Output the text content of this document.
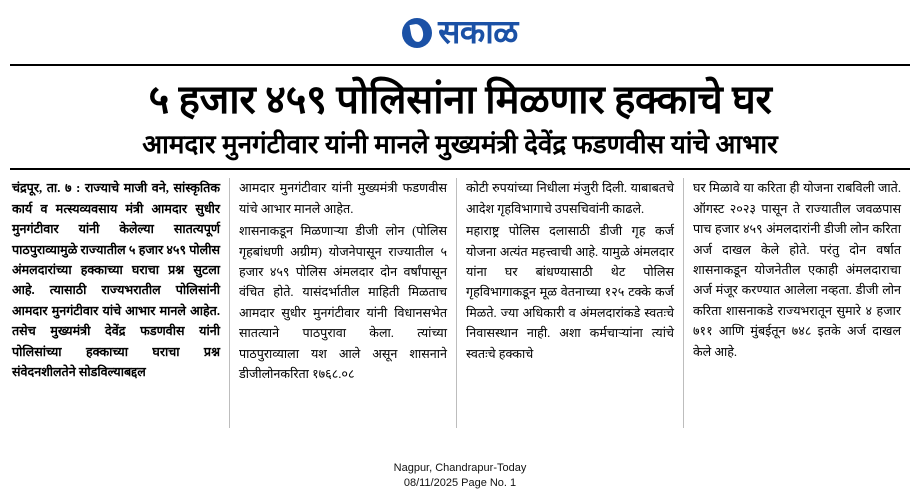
सकाळ
५ हजार ४५९ पोलिसांना मिळणार हक्काचे घर
आमदार मुनगंटीवार यांनी मानले मुख्यमंत्री देवेंद्र फडणवीस यांचे आभार

चंद्रपूर, ता. ७ : राज्याचे माजी वने, सांस्कृतिक कार्य व मत्स्यव्यवसाय मंत्री आमदार सुधीर मुनगंटीवार यांनी केलेल्या सातत्यपूर्ण पाठपुराव्यामुळे राज्यातील ५ हजार ४५९ पोलीस अंमलदारांच्या हक्काच्या घराचा प्रश्न सुटला आहे. त्यासाठी राज्यभरातील पोलिसांनी आमदार मुनगंटीवार यांचे आभार मानले आहेत. तसेच मुख्यमंत्री देवेंद्र फडणवीस यांनी पोलिसांच्या हक्काच्या घराचा प्रश्न संवेदनशीलतेने सोडविल्याबद्दल

आमदार मुनगंटीवार यांनी मुख्यमंत्री फडणवीस यांचे आभार मानले आहेत.

शासनाकडून मिळणाऱ्या डीजी लोन (पोलिस गृहबांधणी अग्रीम) योजनेपासून राज्यातील ५ हजार ४५९ पोलिस अंमलदार दोन वर्षांपासून वंचित होते. यासंदर्भातील माहिती मिळताच आमदार सुधीर मुनगंटीवार यांनी विधानसभेत सातत्याने पाठपुरावा केला. त्यांच्या पाठपुराव्याला यश आले असून शासनाने डीजीलोनकरिता १७६८.०८

कोटी रुपयांच्या निधीला मंजुरी दिली. याबाबतचे आदेश गृहविभागाचे उपसचिवांनी काढले.

महाराष्ट्र पोलिस दलासाठी डीजी गृह कर्ज योजना अत्यंत महत्त्वाची आहे. यामुळे अंमलदार यांना घर बांधण्यासाठी थेट पोलिस गृहविभागाकडून मूळ वेतनाच्या १२५ टक्के कर्ज मिळते. ज्या अधिकारी व अंमलदारांकडे स्वतःचे निवासस्थान नाही. अशा कर्मचाऱ्यांना त्यांचे स्वतःचे हक्काचे

घर मिळावे या करिता ही योजना राबविली जाते. ऑगस्ट २०२३ पासून ते राज्यातील जवळपास पाच हजार ४५९ अंमलदारांनी डीजी लोन करिता अर्ज दाखल केले होते. परंतु दोन वर्षात शासनाकडून योजनेतील एकाही अंमलदाराचा अर्ज मंजूर करण्यात आलेला नव्हता. डीजी लोन करिता शासनाकडे राज्यभरातून सुमारे ४ हजार ७११ आणि मुंबईतून ७४८ इतके अर्ज दाखल केले आहे.

Nagpur, Chandrapur-Today
08/11/2025 Page No. 1
